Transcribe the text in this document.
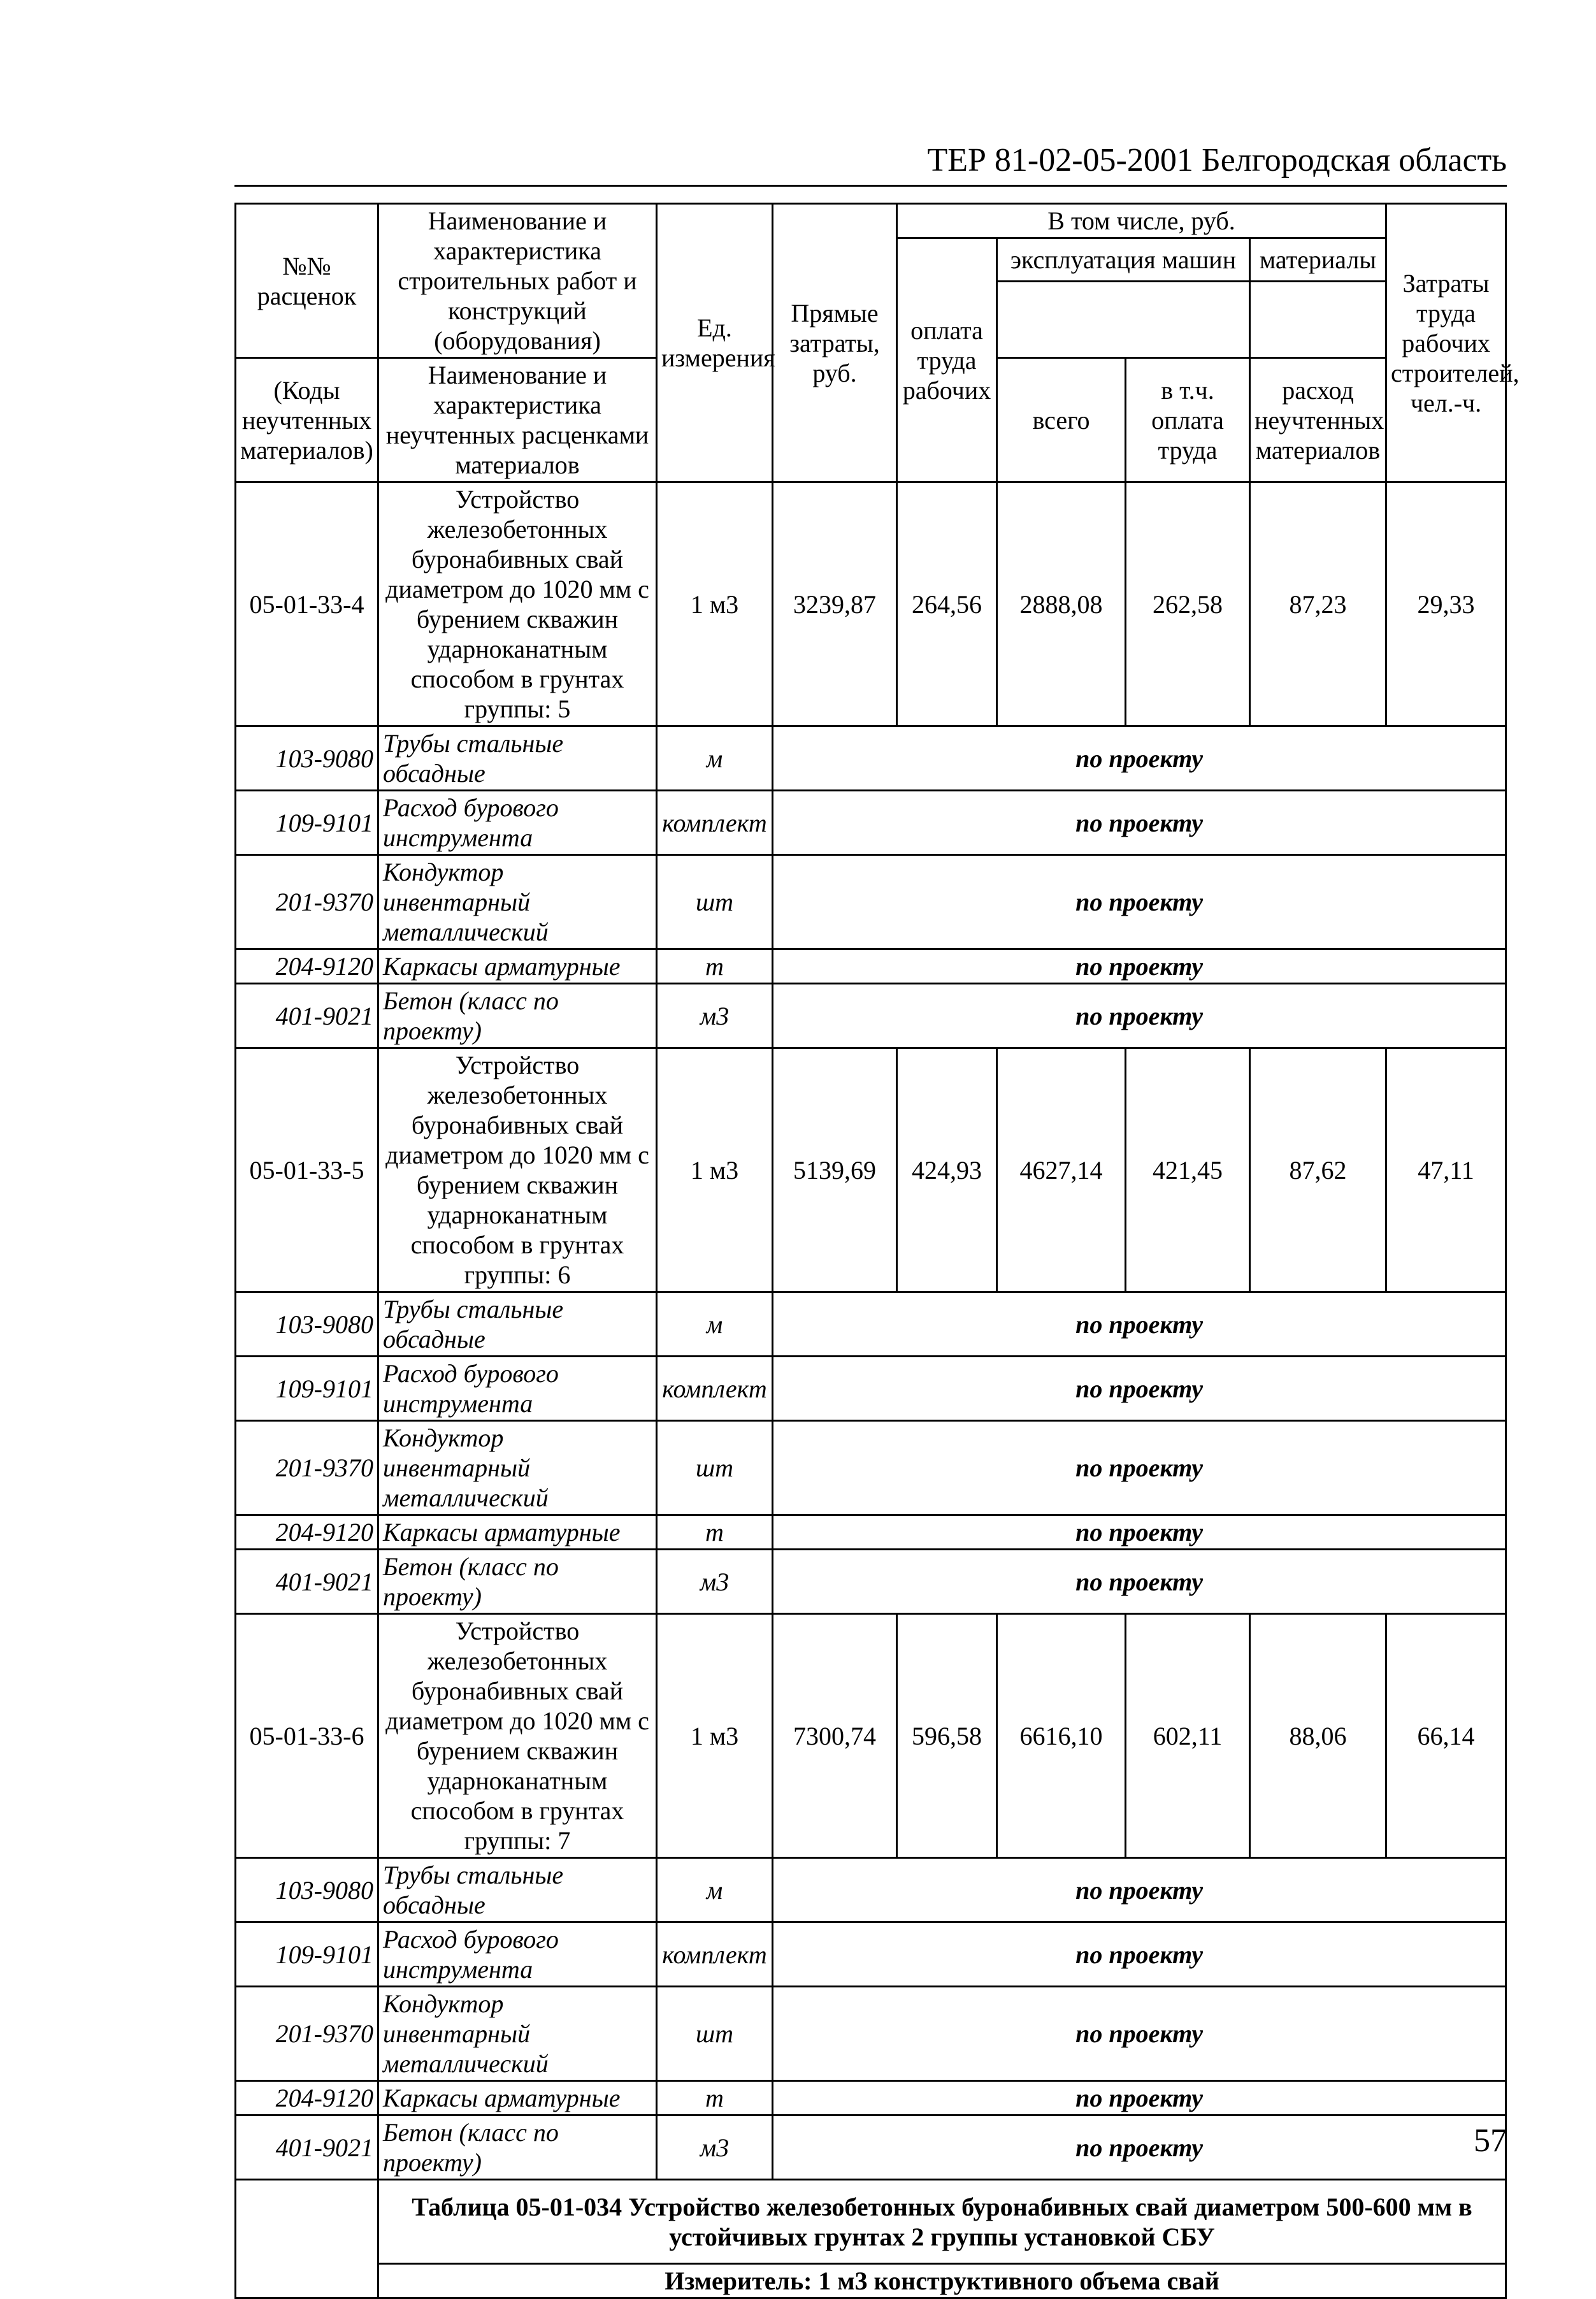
ТЕР 81-02-05-2001 Белгородская область
№№ расценок	Наименование и характеристика строительных работ и конструкций (оборудования)	Ед. измерения	Прямые затраты, руб.	В том числе, руб.				Затраты труда рабочих строителей, чел.-ч.
				оплата труда рабочих	эксплуатация машин		материалы	

(Коды неучтенных материалов)	Наименование и характеристика неучтенных расценками материалов				всего	в т.ч. оплата труда	расход неучтенных материалов	

05-01-33-4	Устройство железобетонных буронабивных свай диаметром до 1020 мм с бурением скважин ударноканатным способом в грунтах группы: 5	1 м3	3239,87	264,56	2888,08	262,58	87,23	29,33
103-9080	Трубы стальные обсадные	м	по проекту					
109-9101	Расход бурового инструмента	комплект	по проекту					
201-9370	Кондуктор инвентарный металлический	шт	по проекту					
204-9120	Каркасы арматурные	т	по проекту					
401-9021	Бетон (класс по проекту)	м3	по проекту					
05-01-33-5	Устройство железобетонных буронабивных свай диаметром до 1020 мм с бурением скважин ударноканатным способом в грунтах группы: 6	1 м3	5139,69	424,93	4627,14	421,45	87,62	47,11
103-9080	Трубы стальные обсадные	м	по проекту					
109-9101	Расход бурового инструмента	комплект	по проекту					
201-9370	Кондуктор инвентарный металлический	шт	по проекту					
204-9120	Каркасы арматурные	т	по проекту					
401-9021	Бетон (класс по проекту)	м3	по проекту					
05-01-33-6	Устройство железобетонных буронабивных свай диаметром до 1020 мм с бурением скважин ударноканатным способом в грунтах группы: 7	1 м3	7300,74	596,58	6616,10	602,11	88,06	66,14
103-9080	Трубы стальные обсадные	м	по проекту					
109-9101	Расход бурового инструмента	комплект	по проекту					
201-9370	Кондуктор инвентарный металлический	шт	по проекту					
204-9120	Каркасы арматурные	т	по проекту					
401-9021	Бетон (класс по проекту)	м3	по проекту					
	Таблица 05-01-034 Устройство железобетонных буронабивных свай диаметром 500-600 мм в устойчивых грунтах 2 группы установкой СБУ							
	Измеритель: 1 м3 конструктивного объема свай							
57
